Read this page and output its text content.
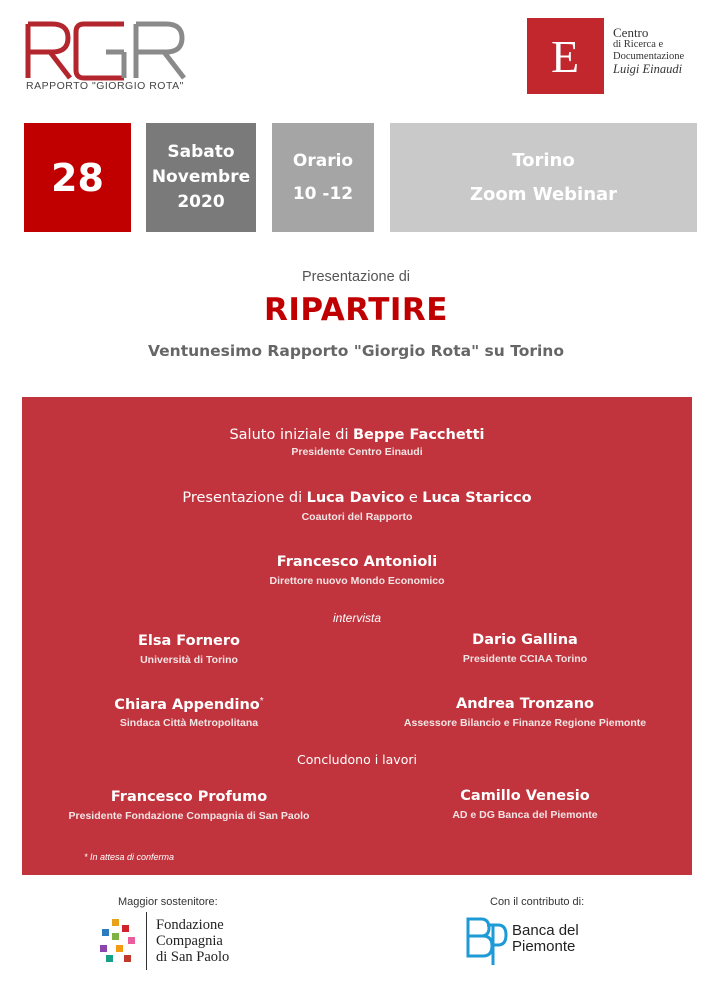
RAPPORTO "GIORGIO ROTA"
E	Centro
di Ricerca e
Documentazione
Luigi Einaudi
28
Sabato
Novembre
2020
Orario
10 -12
Torino
Zoom Webinar
Presentazione di
RIPARTIRE
Ventunesimo Rapporto "Giorgio Rota" su Torino
Saluto iniziale di Beppe Facchetti
Presidente Centro Einaudi
Presentazione di Luca Davico e Luca Staricco
Coautori del Rapporto
Francesco Antonioli
Direttore nuovo Mondo Economico
intervista
Elsa Fornero
Università di Torino
Dario Gallina
Presidente CCIAA Torino
Chiara Appendino*
Sindaca Città Metropolitana
Andrea Tronzano
Assessore Bilancio e Finanze Regione Piemonte
Concludono i lavori
Francesco Profumo
Presidente Fondazione Compagnia di San Paolo
Camillo Venesio
AD e DG Banca del Piemonte
* In attesa di conferma
Maggior sostenitore:
Fondazione
Compagnia
di San Paolo
Con il contributo di:
Banca del
Piemonte
